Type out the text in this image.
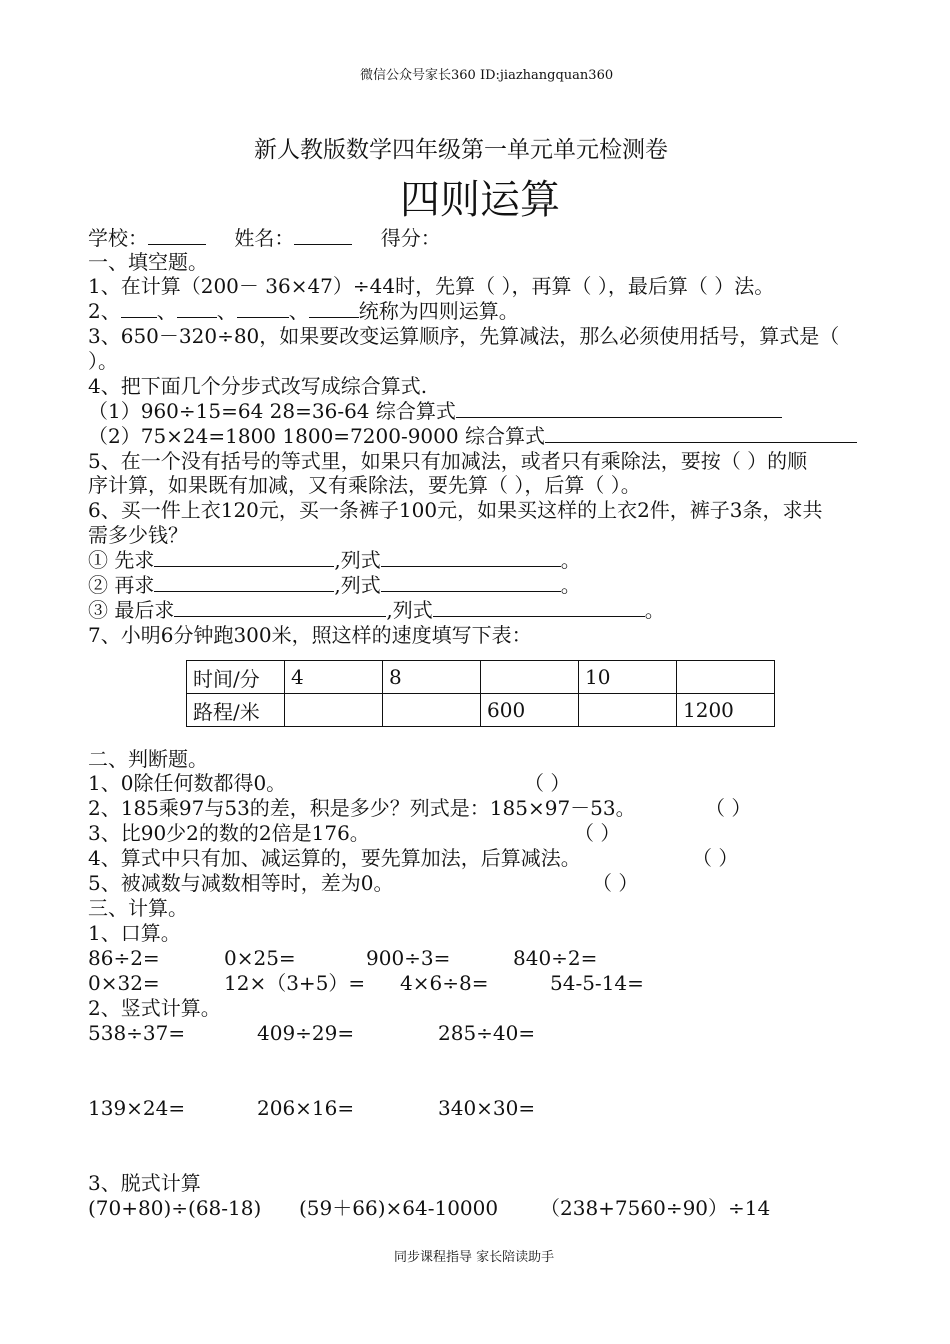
微信公众号家长360 ID:jiazhangquan360
同步课程指导 家长陪读助手
新人教版数学四年级第一单元单元检测卷
四则运算
学校：	姓名：	得分：
一、填空题。
1、在计算（200－ 36×47）÷44时，先算（ ），再算（ ），最后算（ ）法。
2、 、 、	、	统称为四则运算。
3、650－320÷80，如果要改变运算顺序，先算减法，那么必须使用括号，算式是（
）。
4、把下面几个分步式改写成综合算式.
（1）960÷15=64 28=36-64 综合算式
（2）75×24=1800 1800=7200-9000 综合算式
5、在一个没有括号的等式里，如果只有加减法，或者只有乘除法，要按（ ）的顺
序计算，如果既有加减，又有乘除法，要先算（ ），后算（ ）。
6、买一件上衣120元，买一条裤子100元，如果买这样的上衣2件，裤子3条，求共
需多少钱？
① 先求	,列式	。
② 再求	,列式	。
③ 最后求	,列式	。
7、小明6分钟跑300米，照这样的速度填写下表：
时间/分	4	8		10	
路程/米			600		1200
二、判断题。
1、0除任何数都得0。	（ ）
2、185乘97与53的差，积是多少？列式是：185×97－53。	（ ）
3、比90少2的数的2倍是176。	（ ）
4、算式中只有加、减运算的，要先算加法，后算减法。	（ ）
5、被减数与减数相等时，差为0。	（ ）
三、计算。
1、口算。
86÷2=	0×25=	900÷3=	840÷2=
0×32=	12×（3+5）= 4×6÷8=	54-5-14=
2、竖式计算。
538÷37=	409÷29=	285÷40=
139×24=	206×16=	340×30=
3、脱式计算
(70+80)÷(68-18) (59＋66)×64-10000 （238+7560÷90）÷14
